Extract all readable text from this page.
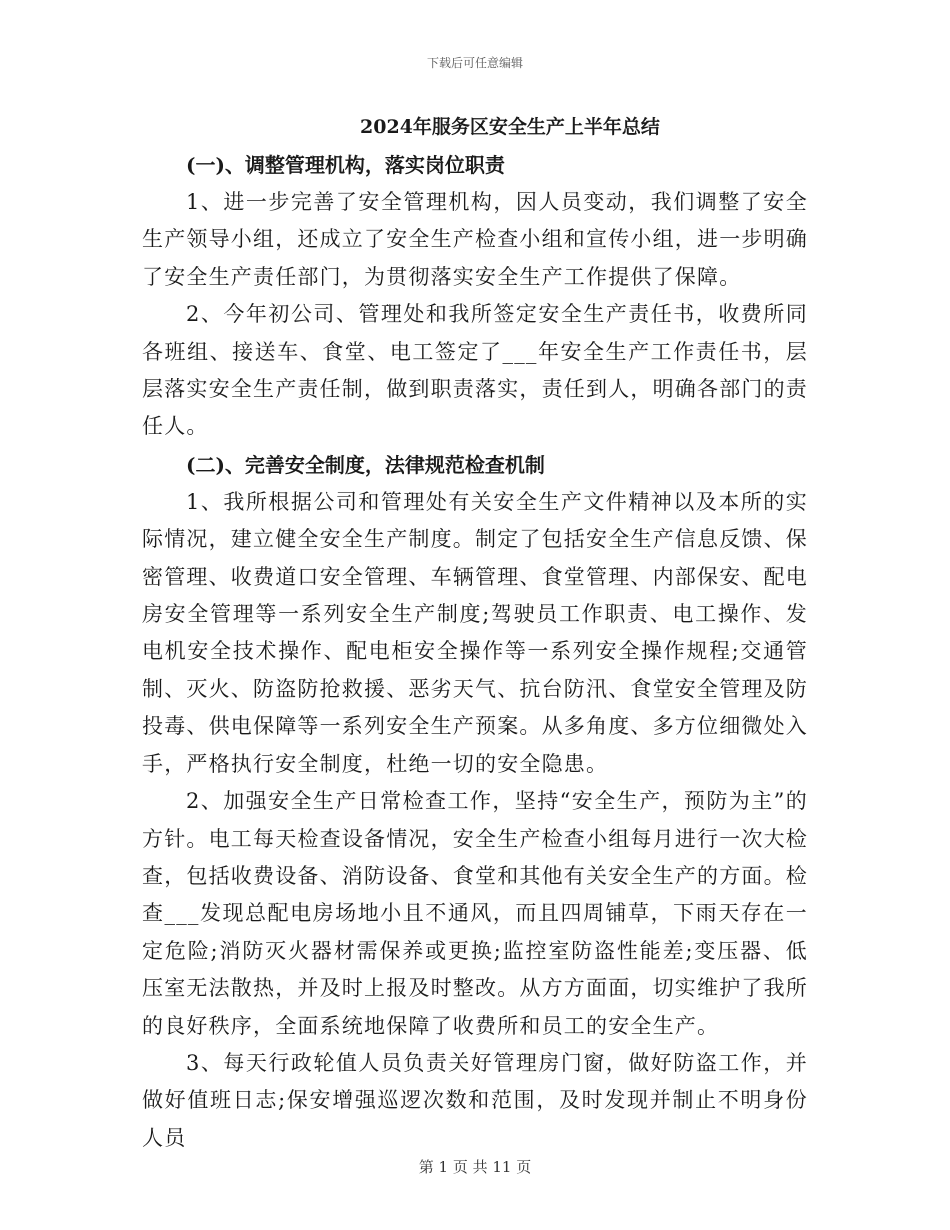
下载后可任意编辑
2024年服务区安全生产上半年总结
(一)、调整管理机构，落实岗位职责

1、进一步完善了安全管理机构，因人员变动，我们调整了安全生产领导小组，还成立了安全生产检查小组和宣传小组，进一步明确了安全生产责任部门，为贯彻落实安全生产工作提供了保障。

2、今年初公司、管理处和我所签定安全生产责任书，收费所同各班组、接送车、食堂、电工签定了___年安全生产工作责任书，层层落实安全生产责任制，做到职责落实，责任到人，明确各部门的责任人。

(二)、完善安全制度，法律规范检查机制

1、我所根据公司和管理处有关安全生产文件精神以及本所的实际情况，建立健全安全生产制度。制定了包括安全生产信息反馈、保密管理、收费道口安全管理、车辆管理、食堂管理、内部保安、配电房安全管理等一系列安全生产制度;驾驶员工作职责、电工操作、发电机安全技术操作、配电柜安全操作等一系列安全操作规程;交通管制、灭火、防盗防抢救援、恶劣天气、抗台防汛、食堂安全管理及防投毒、供电保障等一系列安全生产预案。从多角度、多方位细微处入手，严格执行安全制度，杜绝一切的安全隐患。

2、加强安全生产日常检查工作，坚持“安全生产，预防为主”的方针。电工每天检查设备情况，安全生产检查小组每月进行一次大检查，包括收费设备、消防设备、食堂和其他有关安全生产的方面。检查___发现总配电房场地小且不通风，而且四周铺草，下雨天存在一定危险;消防灭火器材需保养或更换;监控室防盗性能差;变压器、低压室无法散热，并及时上报及时整改。从方方面面，切实维护了我所的良好秩序，全面系统地保障了收费所和员工的安全生产。

3、每天行政轮值人员负责关好管理房门窗，做好防盗工作，并做好值班日志;保安增强巡逻次数和范围，及时发现并制止不明身份人员

第 1 页 共 11 页
